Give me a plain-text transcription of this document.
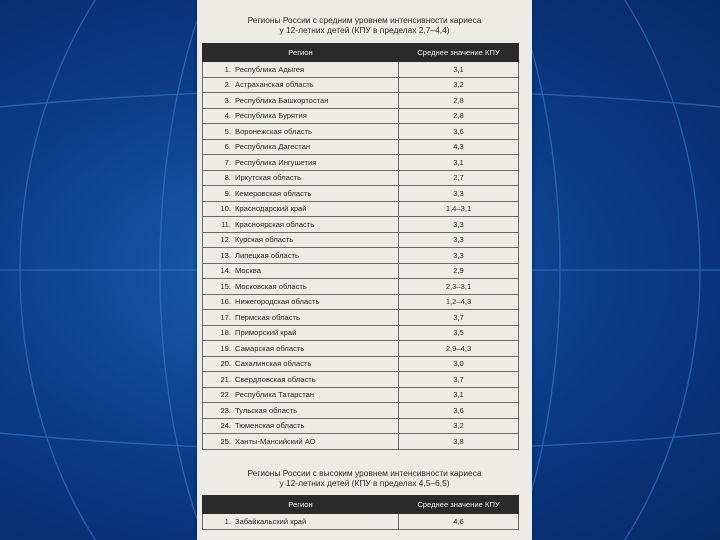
Регионы России с средним уровнем интенсивности кариеса
у 12-летних детей (КПУ в пределах 2,7–4,4)
Регион	Среднее значение КПУ
1. Республика Адыгея	3,1
2. Астраханская область	3,2
3. Республика Башкортостан	2,8
4. Республика Бурятия	2,8
5. Воронежская область	3,6
6. Республика Дагестан	4,3
7. Республика Ингушетия	3,1
8. Иркутская область	2,7
9. Кемеровская область	3,3
10. Краснодарский край	1,4–3,1
11. Красноярская область	3,3
12. Курская область	3,3
13. Липецкая область	3,3
14. Москва	2,9
15. Московская область	2,3–3,1
16. Нижегородская область	1,2–4,3
17. Пермская область	3,7
18. Приморский край	3,5
19. Самарская область	2,9–4,3
20. Сахалинская область	3,0
21. Свердловская область	3,7
22. Республика Татарстан	3,1
23. Тульская область	3,6
24. Тюменская область	3,2
25. Ханты-Мансийский АО	3,8
Регионы России с высоким уровнем интенсивности кариеса
у 12-летних детей (КПУ в пределах 4,5–6,5)
Регион	Среднее значение КПУ
1. Забайкальский край	4,6
